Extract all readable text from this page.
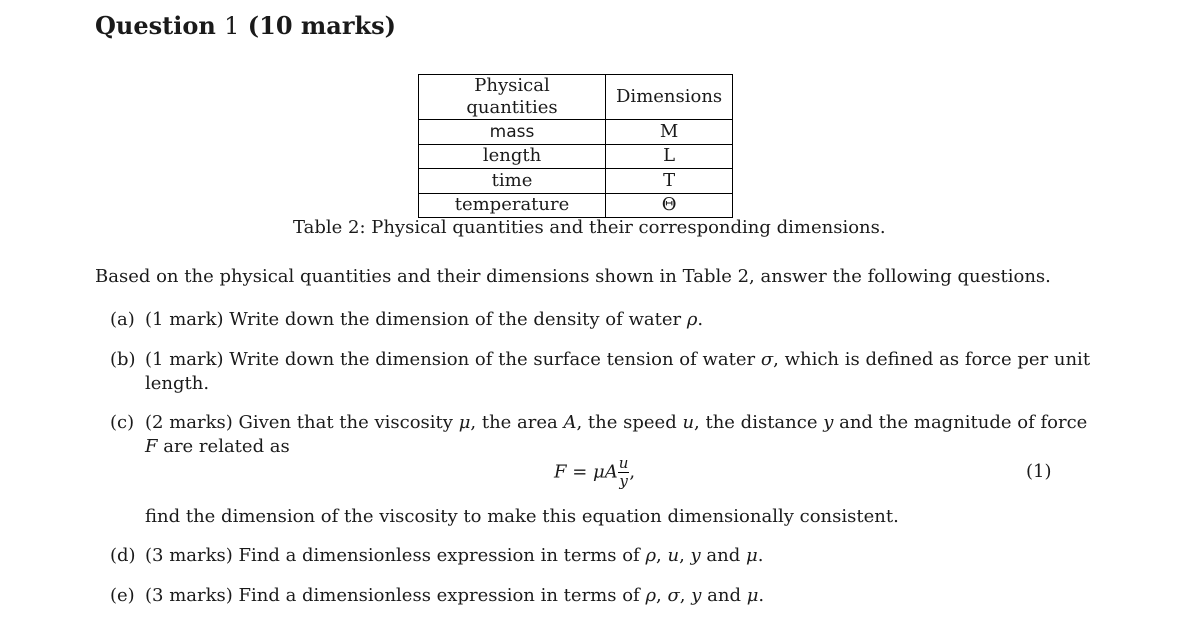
Question 1 (10 marks)
Physical quantities	Dimensions
mass	M
length	L
time	T
temperature	Θ
Table 2: Physical quantities and their corresponding dimensions.
Based on the physical quantities and their dimensions shown in Table 2, answer the following questions.
(a) (1 mark) Write down the dimension of the density of water ρ.
(b) (1 mark) Write down the dimension of the surface tension of water σ, which is defined as force per unit
length.
(c) (2 marks) Given that the viscosity μ, the area A, the speed u, the distance y and the magnitude of force
F are related as
F = μA $\frac{u}{y}$ ,	(1)
find the dimension of the viscosity to make this equation dimensionally consistent.
(d) (3 marks) Find a dimensionless expression in terms of ρ, u, y and μ.
(e) (3 marks) Find a dimensionless expression in terms of ρ, σ, y and μ.
